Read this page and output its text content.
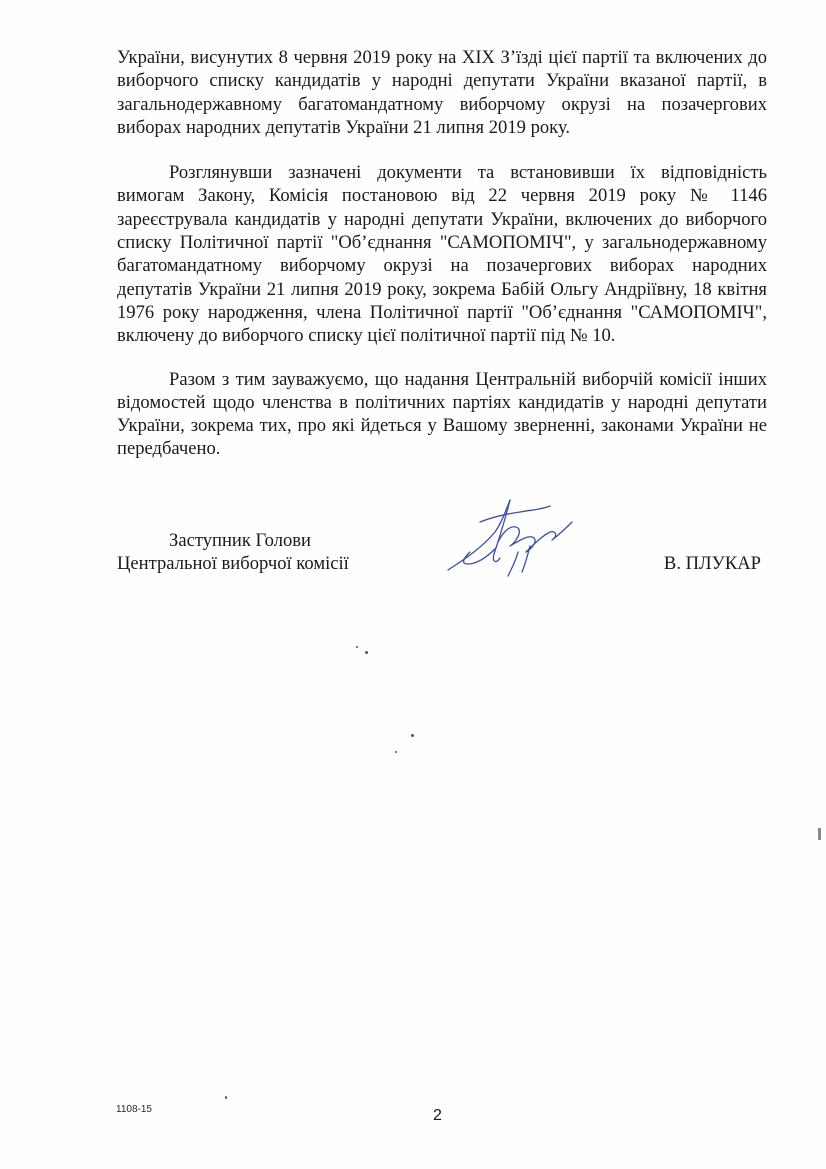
України, висунутих 8 червня 2019 року на XIX З’їзді цієї партії та включених до виборчого списку кандидатів у народні депутати України вказаної партії, в загальнодержавному багатомандатному виборчому окрузі на позачергових виборах народних депутатів України 21 липня 2019 року.

Розглянувши зазначені документи та встановивши їх відповідність вимогам Закону, Комісія постановою від 22 червня 2019 року № 1146 зареєструвала кандидатів у народні депутати України, включених до виборчого списку Політичної партії "Об’єднання "САМОПОМІЧ", у загальнодержавному багатомандатному виборчому окрузі на позачергових виборах народних депутатів України 21 липня 2019 року, зокрема Бабій Ольгу Андріївну, 18 квітня 1976 року народження, члена Політичної партії "Об’єднання "САМОПОМІЧ", включену до виборчого списку цієї політичної партії під № 10.

Разом з тим зауважуємо, що надання Центральній виборчій комісії інших відомостей щодо членства в політичних партіях кандидатів у народні депутати України, зокрема тих, про які йдеться у Вашому зверненні, законами України не передбачено.

Заступник Голови
Центральної виборчої комісії	В. ПЛУКАР
1108-15	2
